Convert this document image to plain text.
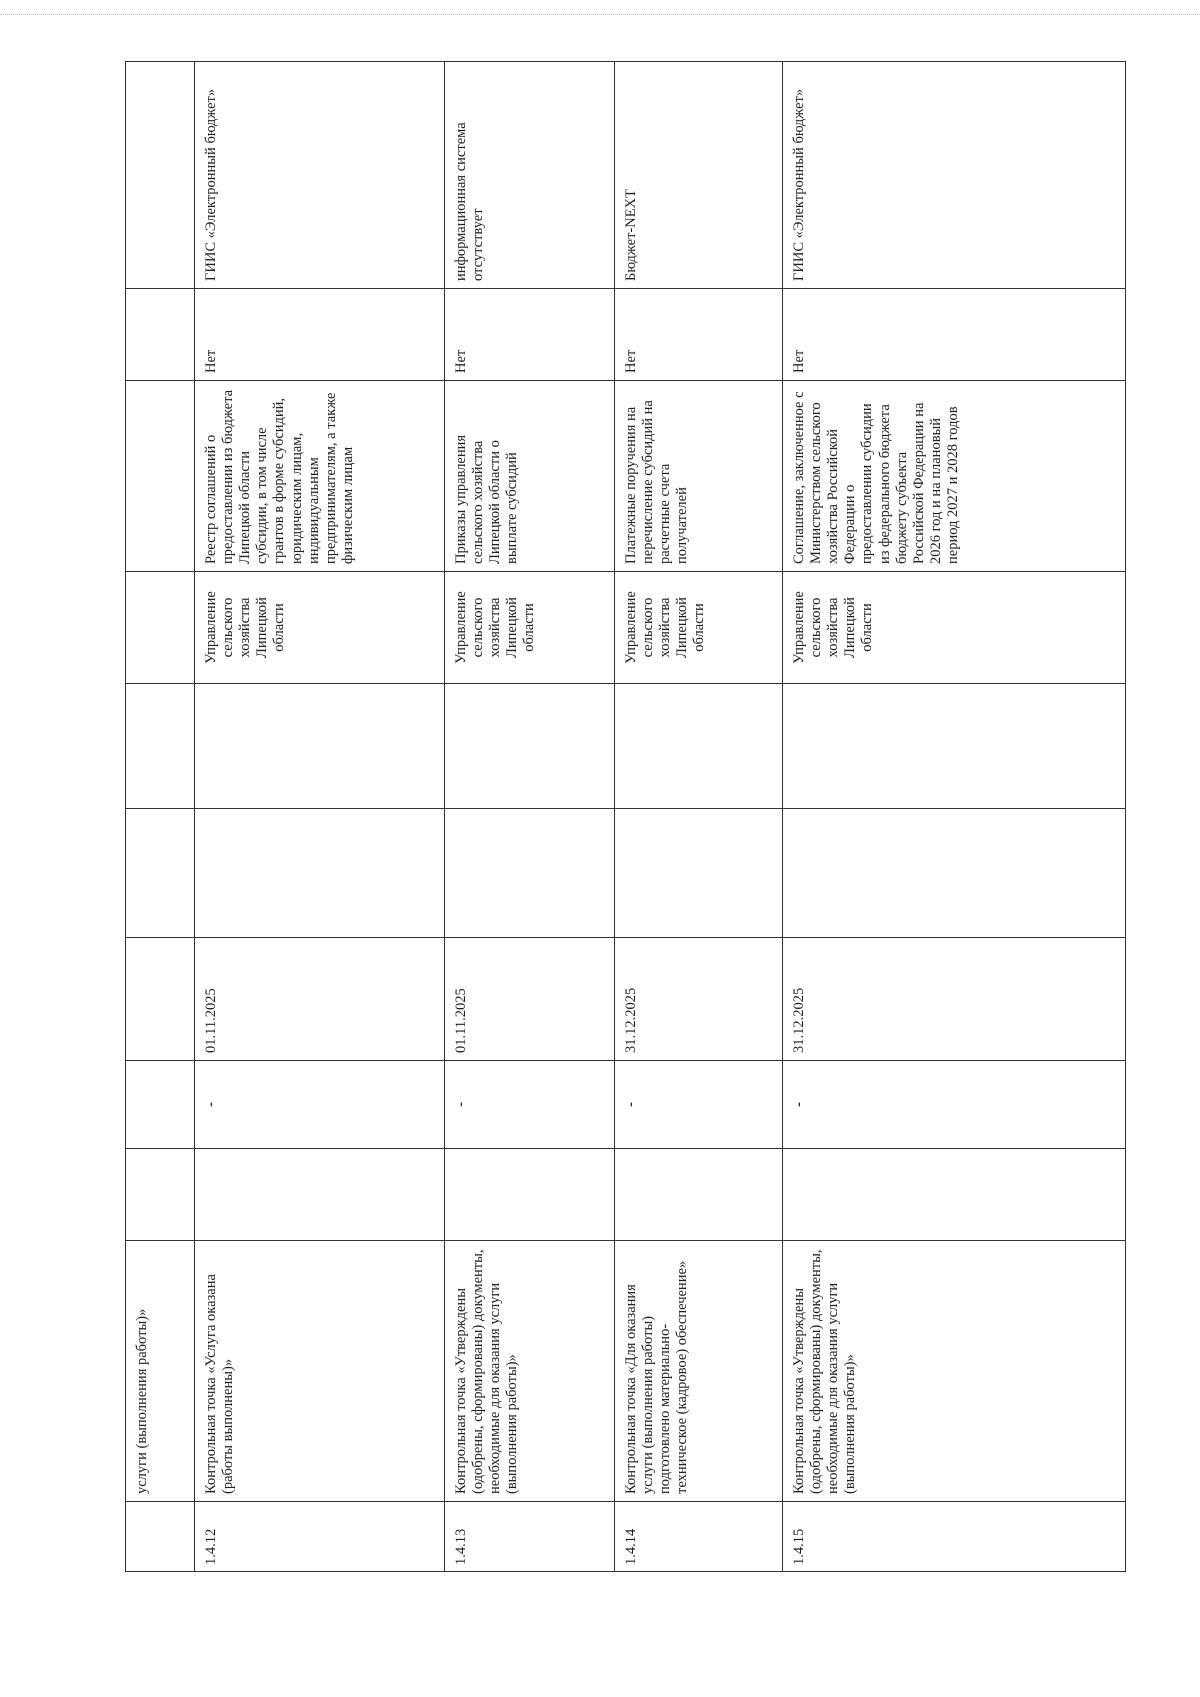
	услуги (выполнения работы)»									
1.4.12	Контрольная точка «Услуга оказана (работы выполнены)»		-	01.11.2025			Управление сельского хозяйства Липецкой области	Реестр соглашений о предоставлении из бюджета Липецкой области субсидии, в том числе грантов в форме субсидий, юридическим лицам, индивидуальным предпринимателям, а также физическим лицам	Нет	ГИИС «Электронный бюджет»
1.4.13	Контрольная точка «Утверждены (одобрены, сформированы) документы, необходимые для оказания услуги (выполнения работы)»		-	01.11.2025			Управление сельского хозяйства Липецкой области	Приказы управления сельского хозяйства Липецкой области о выплате субсидий	Нет	информационная система отсутствует
1.4.14	Контрольная точка «Для оказания услуги (выполнения работы) подготовлено материально-техническое (кадровое) обеспечение»		-	31.12.2025			Управление сельского хозяйства Липецкой области	Платежные поручения на перечисление субсидий на расчетные счета получателей	Нет	Бюджет-NEXT
1.4.15	Контрольная точка «Утверждены (одобрены, сформированы) документы, необходимые для оказания услуги (выполнения работы)»		-	31.12.2025			Управление сельского хозяйства Липецкой области	Соглашение, заключенное с Министерством сельского хозяйства Российской Федерации о предоставлении субсидии из федерального бюджета бюджету субъекта Российской Федерации на 2026 год и на плановый период 2027 и 2028 годов	Нет	ГИИС «Электронный бюджет»
